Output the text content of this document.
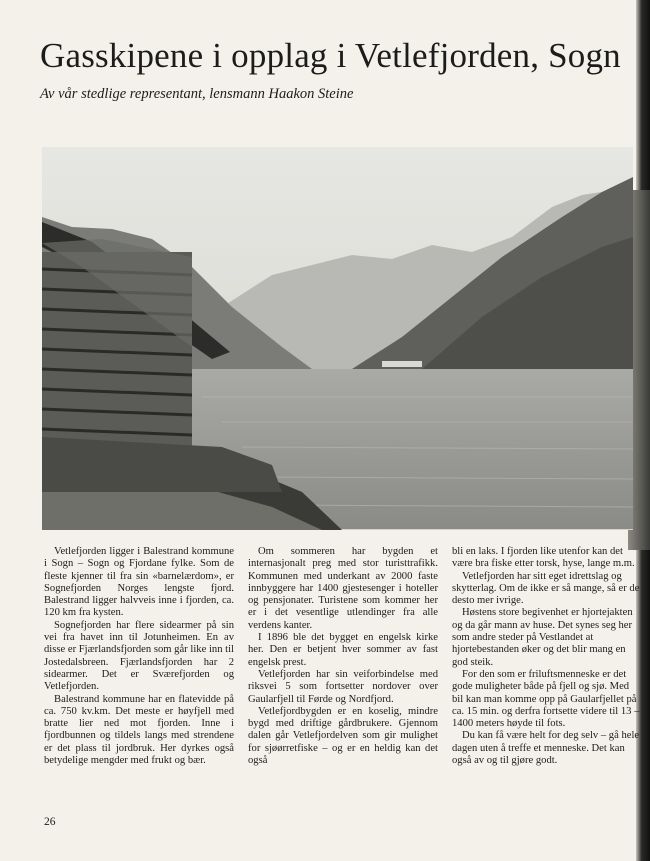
Gasskipene i opplag i Vetlefjorden, Sogn

Av vår stedlige representant, lensmann Haakon Steine

Vetlefjorden ligger i Balestrand kommune i Sogn – Sogn og Fjordane fylke. Som de fleste kjenner til fra sin «barnelærdom», er Sognefjorden Norges lengste fjord. Balestrand ligger halvveis inne i fjorden, ca. 120 km fra kysten.

Sognefjorden har flere sidearmer på sin vei fra havet inn til Jotunheimen. En av disse er Fjærlandsfjorden som går like inn til Jostedalsbreen. Fjærlandsfjorden har 2 sidearmer. Det er Sværefjorden og Vetlefjorden.

Balestrand kommune har en flatevidde på ca. 750 kv.km. Det meste er høyfjell med bratte lier ned mot fjorden. Inne i fjordbunnen og tildels langs med strendene er det plass til jordbruk. Her dyrkes også betydelige mengder med frukt og bær.

Om sommeren har bygden et internasjonalt preg med stor turisttrafikk. Kommunen med underkant av 2000 faste innbyggere har 1400 gjestesenger i hoteller og pensjonater. Turistene som kommer her er i det vesentlige utlendinger fra alle verdens kanter.

I 1896 ble det bygget en engelsk kirke her. Den er betjent hver sommer av fast engelsk prest.

Vetlefjorden har sin veiforbindelse med riksvei 5 som fortsetter nordover over Gaularfjell til Førde og Nordfjord.

Vetlefjordbygden er en koselig, mindre bygd med driftige gårdbrukere. Gjennom dalen går Vetlefjordelven som gir mulighet for sjøørretfiske – og er en heldig kan det også

bli en laks. I fjorden like utenfor kan det være bra fiske etter torsk, hyse, lange m.m.

Vetlefjorden har sitt eget idrettslag og skytterlag. Om de ikke er så mange, så er de desto mer ivrige.

Høstens store begivenhet er hjortejakten og da går mann av huse. Det synes seg her som andre steder på Vestlandet at hjortebestanden øker og det blir mang en god steik.

For den som er friluftsmenneske er det gode muligheter både på fjell og sjø. Med bil kan man komme opp på Gaularfjellet på ca. 15 min. og derfra fortsette videre til 13 – 1400 meters høyde til fots.

Du kan få være helt for deg selv – gå hele dagen uten å treffe et menneske. Det kan også av og til gjøre godt.

26
